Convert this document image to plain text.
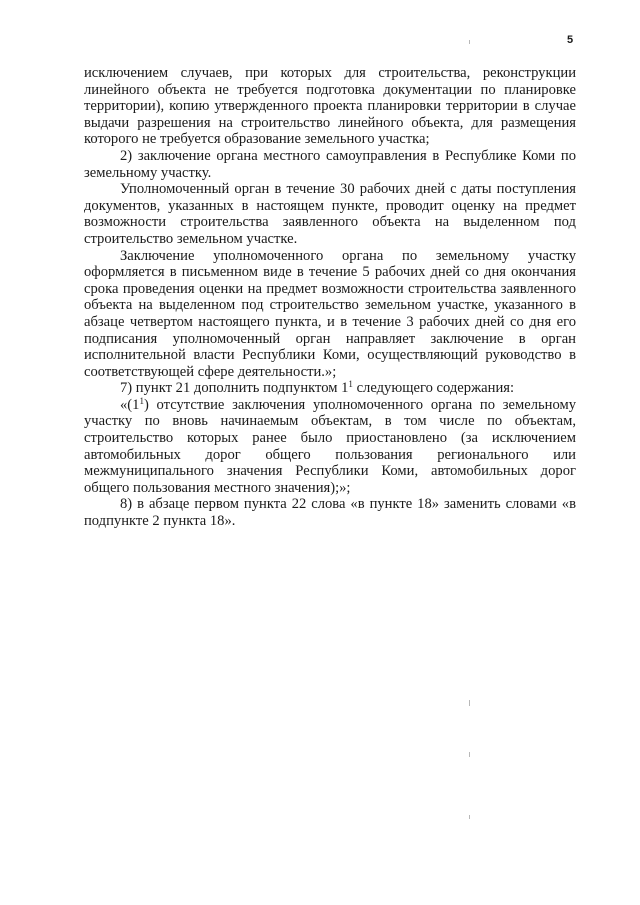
5

исключением случаев, при которых для строительства, реконструкции линейного объекта не требуется подготовка документации по планировке территории), копию утвержденного проекта планировки территории в случае выдачи разрешения на строительство линейного объекта, для размещения которого не требуется образование земельного участка;

2) заключение органа местного самоуправления в Республике Коми по земельному участку.

Уполномоченный орган в течение 30 рабочих дней с даты поступления документов, указанных в настоящем пункте, проводит оценку на предмет возможности строительства заявленного объекта на выделенном под строительство земельном участке.

Заключение уполномоченного органа по земельному участку оформляется в письменном виде в течение 5 рабочих дней со дня окончания срока проведения оценки на предмет возможности строительства заявленного объекта на выделенном под строительство земельном участке, указанного в абзаце четвертом настоящего пункта, и в течение 3 рабочих дней со дня его подписания уполномоченный орган направляет заключение в орган исполнительной власти Республики Коми, осуществляющий руководство в соответствующей сфере деятельности.»;

7) пункт 21 дополнить подпунктом $1^1$ следующего содержания:

«$(1^1)$ отсутствие заключения уполномоченного органа по земельному участку по вновь начинаемым объектам, в том числе по объектам, строительство которых ранее было приостановлено (за исключением автомобильных дорог общего пользования регионального или межмуниципального значения Республики Коми, автомобильных дорог общего пользования местного значения);»;

8) в абзаце первом пункта 22 слова «в пункте 18» заменить словами «в подпункте 2 пункта 18».
